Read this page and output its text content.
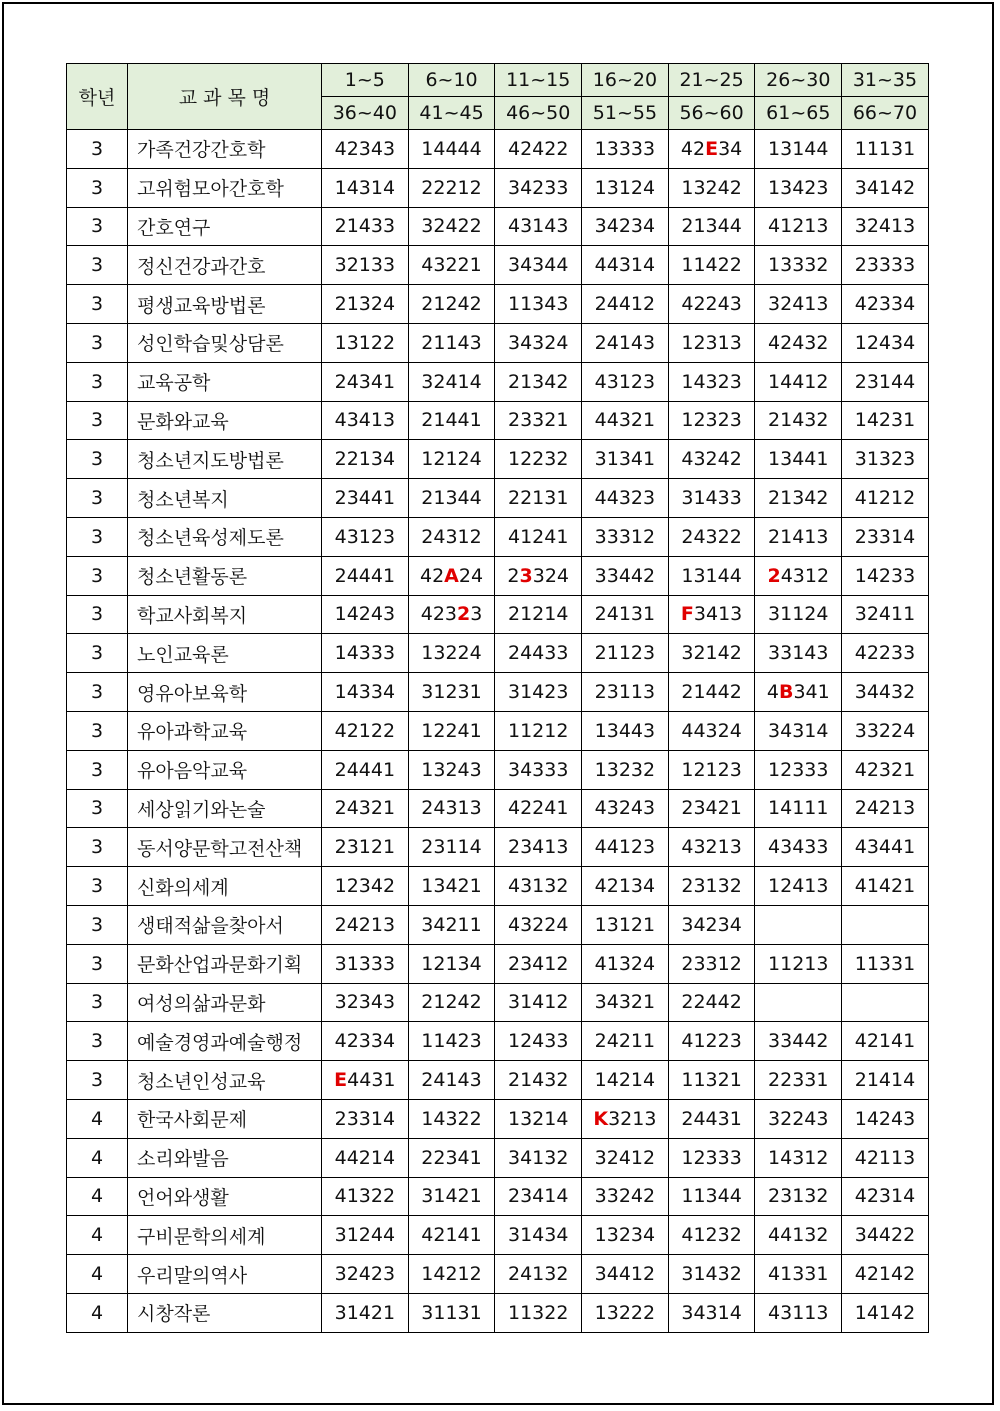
학년	교 과 목 명	1~5	6~10	11~15	16~20	21~25	26~30	31~35
		36~40	41~45	46~50	51~55	56~60	61~65	66~70
3	가족건강간호학	42343	14444	42422	13333	42E34	13144	11131
3	고위험모아간호학	14314	22212	34233	13124	13242	13423	34142
3	간호연구	21433	32422	43143	34234	21344	41213	32413
3	정신건강과간호	32133	43221	34344	44314	11422	13332	23333
3	평생교육방법론	21324	21242	11343	24412	42243	32413	42334
3	성인학습및상담론	13122	21143	34324	24143	12313	42432	12434
3	교육공학	24341	32414	21342	43123	14323	14412	23144
3	문화와교육	43413	21441	23321	44321	12323	21432	14231
3	청소년지도방법론	22134	12124	12232	31341	43242	13441	31323
3	청소년복지	23441	21344	22131	44323	31433	21342	41212
3	청소년육성제도론	43123	24312	41241	33312	24322	21413	23314
3	청소년활동론	24441	42A24	23324	33442	13144	24312	14233
3	학교사회복지	14243	42323	21214	24131	F3413	31124	32411
3	노인교육론	14333	13224	24433	21123	32142	33143	42233
3	영유아보육학	14334	31231	31423	23113	21442	4B341	34432
3	유아과학교육	42122	12241	11212	13443	44324	34314	33224
3	유아음악교육	24441	13243	34333	13232	12123	12333	42321
3	세상읽기와논술	24321	24313	42241	43243	23421	14111	24213
3	동서양문학고전산책	23121	23114	23413	44123	43213	43433	43441
3	신화의세계	12342	13421	43132	42134	23132	12413	41421
3	생태적삶을찾아서	24213	34211	43224	13121	34234		
3	문화산업과문화기획	31333	12134	23412	41324	23312	11213	11331
3	여성의삶과문화	32343	21242	31412	34321	22442		
3	예술경영과예술행정	42334	11423	12433	24211	41223	33442	42141
3	청소년인성교육	E4431	24143	21432	14214	11321	22331	21414
4	한국사회문제	23314	14322	13214	K3213	24431	32243	14243
4	소리와발음	44214	22341	34132	32412	12333	14312	42113
4	언어와생활	41322	31421	23414	33242	11344	23132	42314
4	구비문학의세계	31244	42141	31434	13234	41232	44132	34422
4	우리말의역사	32423	14212	24132	34412	31432	41331	42142
4	시창작론	31421	31131	11322	13222	34314	43113	14142
